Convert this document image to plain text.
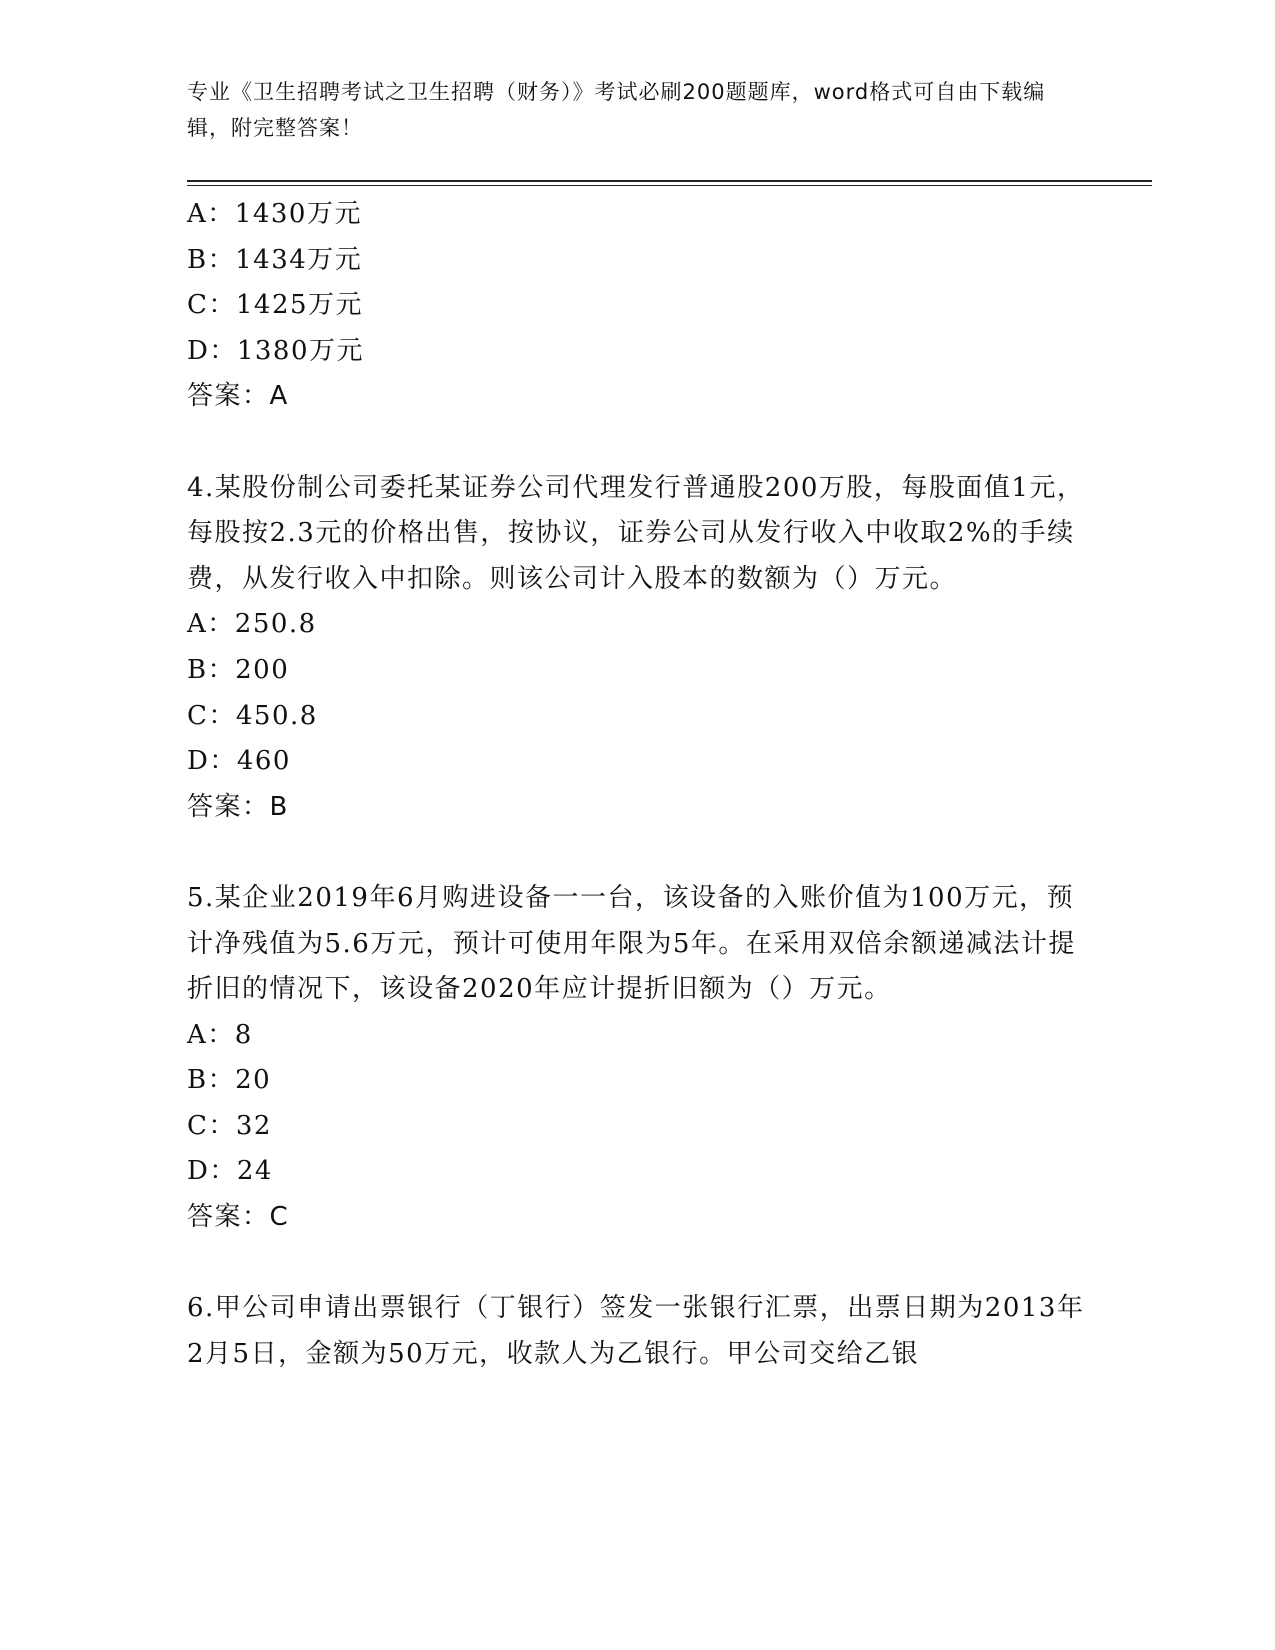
专业《卫生招聘考试之卫生招聘（财务）》考试必刷200题题库，word格式可自由下载编辑，附完整答案！
A：1430万元
B：1434万元
C：1425万元
D：1380万元
答案：A
4.某股份制公司委托某证券公司代理发行普通股200万股，每股面值1元，每股按2.3元的价格出售，按协议，证券公司从发行收入中收取2%的手续费，从发行收入中扣除。则该公司计入股本的数额为（）万元。
A：250.8
B：200
C：450.8
D：460
答案：B
5.某企业2019年6月购进设备一一台，该设备的入账价值为100万元，预计净残值为5.6万元，预计可使用年限为5年。在采用双倍余额递减法计提折旧的情况下，该设备2020年应计提折旧额为（）万元。
A：8
B：20
C：32
D：24
答案：C
6.甲公司申请出票银行（丁银行）签发一张银行汇票，出票日期为2013年2月5日，金额为50万元，收款人为乙银行。甲公司交给乙银
